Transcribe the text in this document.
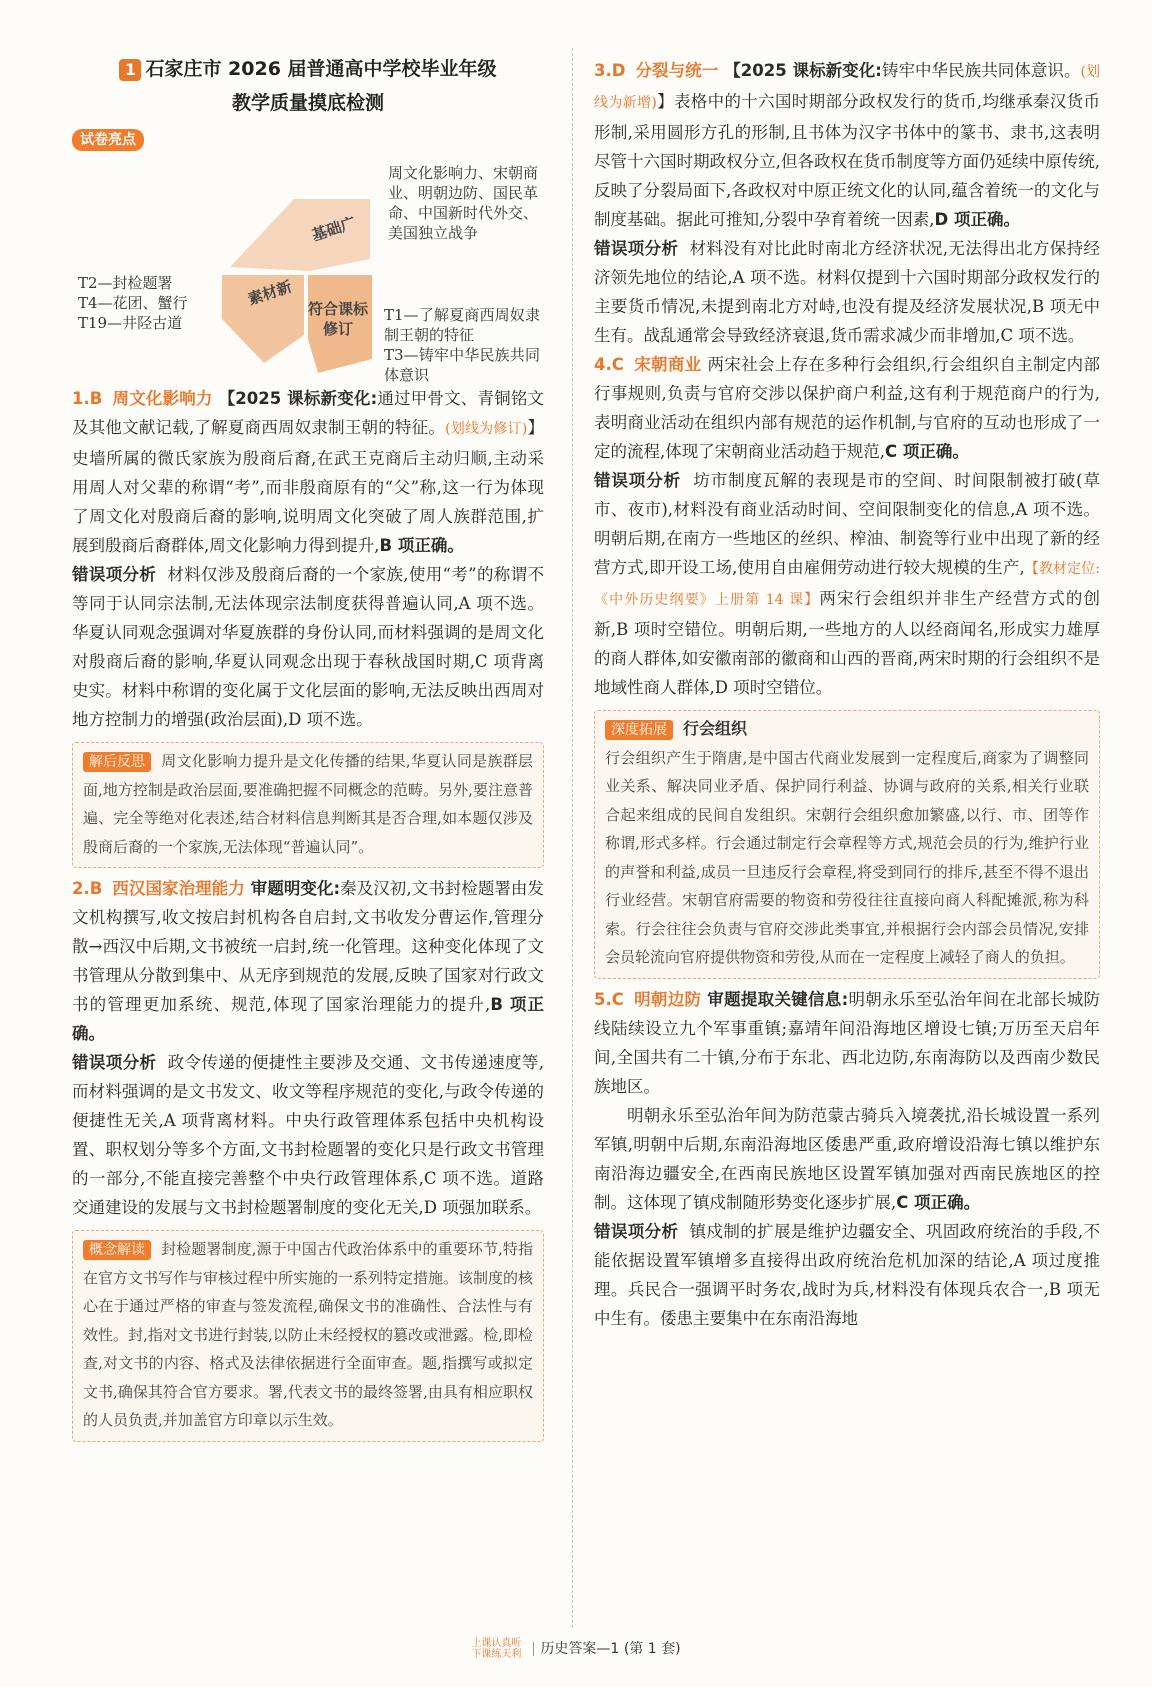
1 石家庄市 2026 届普通高中学校毕业年级
教学质量摸底检测
试卷亮点
基础广
素材新
符合课标修订
周文化影响力、宋朝商业、明朝边防、国民革命、中国新时代外交、美国独立战争
T2—封检题署
T4—花团、蟹行
T19—井陉古道	T1—了解夏商西周奴隶制王朝的特征
T3—铸牢中华民族共同体意识

1.B 周文化影响力 【2025 课标新变化:通过甲骨文、青铜铭文及其他文献记载,了解夏商西周奴隶制王朝的特征。(划线为修订)】史墙所属的微氏家族为殷商后裔,在武王克商后主动归顺,主动采用周人对父辈的称谓“考”,而非殷商原有的“父”称,这一行为体现了周文化对殷商后裔的影响,说明周文化突破了周人族群范围,扩展到殷商后裔群体,周文化影响力得到提升,B 项正确。

错误项分析 材料仅涉及殷商后裔的一个家族,使用“考”的称谓不等同于认同宗法制,无法体现宗法制度获得普遍认同,A 项不选。华夏认同观念强调对华夏族群的身份认同,而材料强调的是周文化对殷商后裔的影响,华夏认同观念出现于春秋战国时期,C 项背离史实。材料中称谓的变化属于文化层面的影响,无法反映出西周对地方控制力的增强(政治层面),D 项不选。

解后反思 周文化影响力提升是文化传播的结果,华夏认同是族群层面,地方控制是政治层面,要准确把握不同概念的范畴。另外,要注意普遍、完全等绝对化表述,结合材料信息判断其是否合理,如本题仅涉及殷商后裔的一个家族,无法体现“普遍认同”。

2.B 西汉国家治理能力 审题明变化:秦及汉初,文书封检题署由发文机构撰写,收文按启封机构各自启封,文书收发分曹运作,管理分散→西汉中后期,文书被统一启封,统一化管理。这种变化体现了文书管理从分散到集中、从无序到规范的发展,反映了国家对行政文书的管理更加系统、规范,体现了国家治理能力的提升,B 项正确。

错误项分析 政令传递的便捷性主要涉及交通、文书传递速度等,而材料强调的是文书发文、收文等程序规范的变化,与政令传递的便捷性无关,A 项背离材料。中央行政管理体系包括中央机构设置、职权划分等多个方面,文书封检题署的变化只是行政文书管理的一部分,不能直接完善整个中央行政管理体系,C 项不选。道路交通建设的发展与文书封检题署制度的变化无关,D 项强加联系。

概念解读 封检题署制度,源于中国古代政治体系中的重要环节,特指在官方文书写作与审核过程中所实施的一系列特定措施。该制度的核心在于通过严格的审查与签发流程,确保文书的准确性、合法性与有效性。封,指对文书进行封装,以防止未经授权的篡改或泄露。检,即检查,对文书的内容、格式及法律依据进行全面审查。题,指撰写或拟定文书,确保其符合官方要求。署,代表文书的最终签署,由具有相应职权的人员负责,并加盖官方印章以示生效。

3.D 分裂与统一 【2025 课标新变化:铸牢中华民族共同体意识。(划线为新增)】表格中的十六国时期部分政权发行的货币,均继承秦汉货币形制,采用圆形方孔的形制,且书体为汉字书体中的篆书、隶书,这表明尽管十六国时期政权分立,但各政权在货币制度等方面仍延续中原传统,反映了分裂局面下,各政权对中原正统文化的认同,蕴含着统一的文化与制度基础。据此可推知,分裂中孕育着统一因素,D 项正确。

错误项分析 材料没有对比此时南北方经济状况,无法得出北方保持经济领先地位的结论,A 项不选。材料仅提到十六国时期部分政权发行的主要货币情况,未提到南北方对峙,也没有提及经济发展状况,B 项无中生有。战乱通常会导致经济衰退,货币需求减少而非增加,C 项不选。

4.C 宋朝商业 两宋社会上存在多种行会组织,行会组织自主制定内部行事规则,负责与官府交涉以保护商户利益,这有利于规范商户的行为,表明商业活动在组织内部有规范的运作机制,与官府的互动也形成了一定的流程,体现了宋朝商业活动趋于规范,C 项正确。

错误项分析 坊市制度瓦解的表现是市的空间、时间限制被打破(草市、夜市),材料没有商业活动时间、空间限制变化的信息,A 项不选。明朝后期,在南方一些地区的丝织、榨油、制瓷等行业中出现了新的经营方式,即开设工场,使用自由雇佣劳动进行较大规模的生产,【教材定位:《中外历史纲要》上册第 14 课】两宋行会组织并非生产经营方式的创新,B 项时空错位。明朝后期,一些地方的人以经商闻名,形成实力雄厚的商人群体,如安徽南部的徽商和山西的晋商,两宋时期的行会组织不是地域性商人群体,D 项时空错位。

深度拓展 行会组织
行会组织产生于隋唐,是中国古代商业发展到一定程度后,商家为了调整同业关系、解决同业矛盾、保护同行利益、协调与政府的关系,相关行业联合起来组成的民间自发组织。宋朝行会组织愈加繁盛,以行、市、团等作称谓,形式多样。行会通过制定行会章程等方式,规范会员的行为,维护行业的声誉和利益,成员一旦违反行会章程,将受到同行的排斥,甚至不得不退出行业经营。宋朝官府需要的物资和劳役往往直接向商人科配摊派,称为科索。行会往往会负责与官府交涉此类事宜,并根据行会内部会员情况,安排会员轮流向官府提供物资和劳役,从而在一定程度上减轻了商人的负担。

5.C 明朝边防 审题提取关键信息:明朝永乐至弘治年间在北部长城防线陆续设立九个军事重镇;嘉靖年间沿海地区增设七镇;万历至天启年间,全国共有二十镇,分布于东北、西北边防,东南海防以及西南少数民族地区。

明朝永乐至弘治年间为防范蒙古骑兵入境袭扰,沿长城设置一系列军镇,明朝中后期,东南沿海地区倭患严重,政府增设沿海七镇以维护东南沿海边疆安全,在西南民族地区设置军镇加强对西南民族地区的控制。这体现了镇戍制随形势变化逐步扩展,C 项正确。

错误项分析 镇戍制的扩展是维护边疆安全、巩固政府统治的手段,不能依据设置军镇增多直接得出政府统治危机加深的结论,A 项过度推理。兵民合一强调平时务农,战时为兵,材料没有体现兵农合一,B 项无中生有。倭患主要集中在东南沿海地

上课认真听
下课练天利 历史答案—1 (第 1 套)
